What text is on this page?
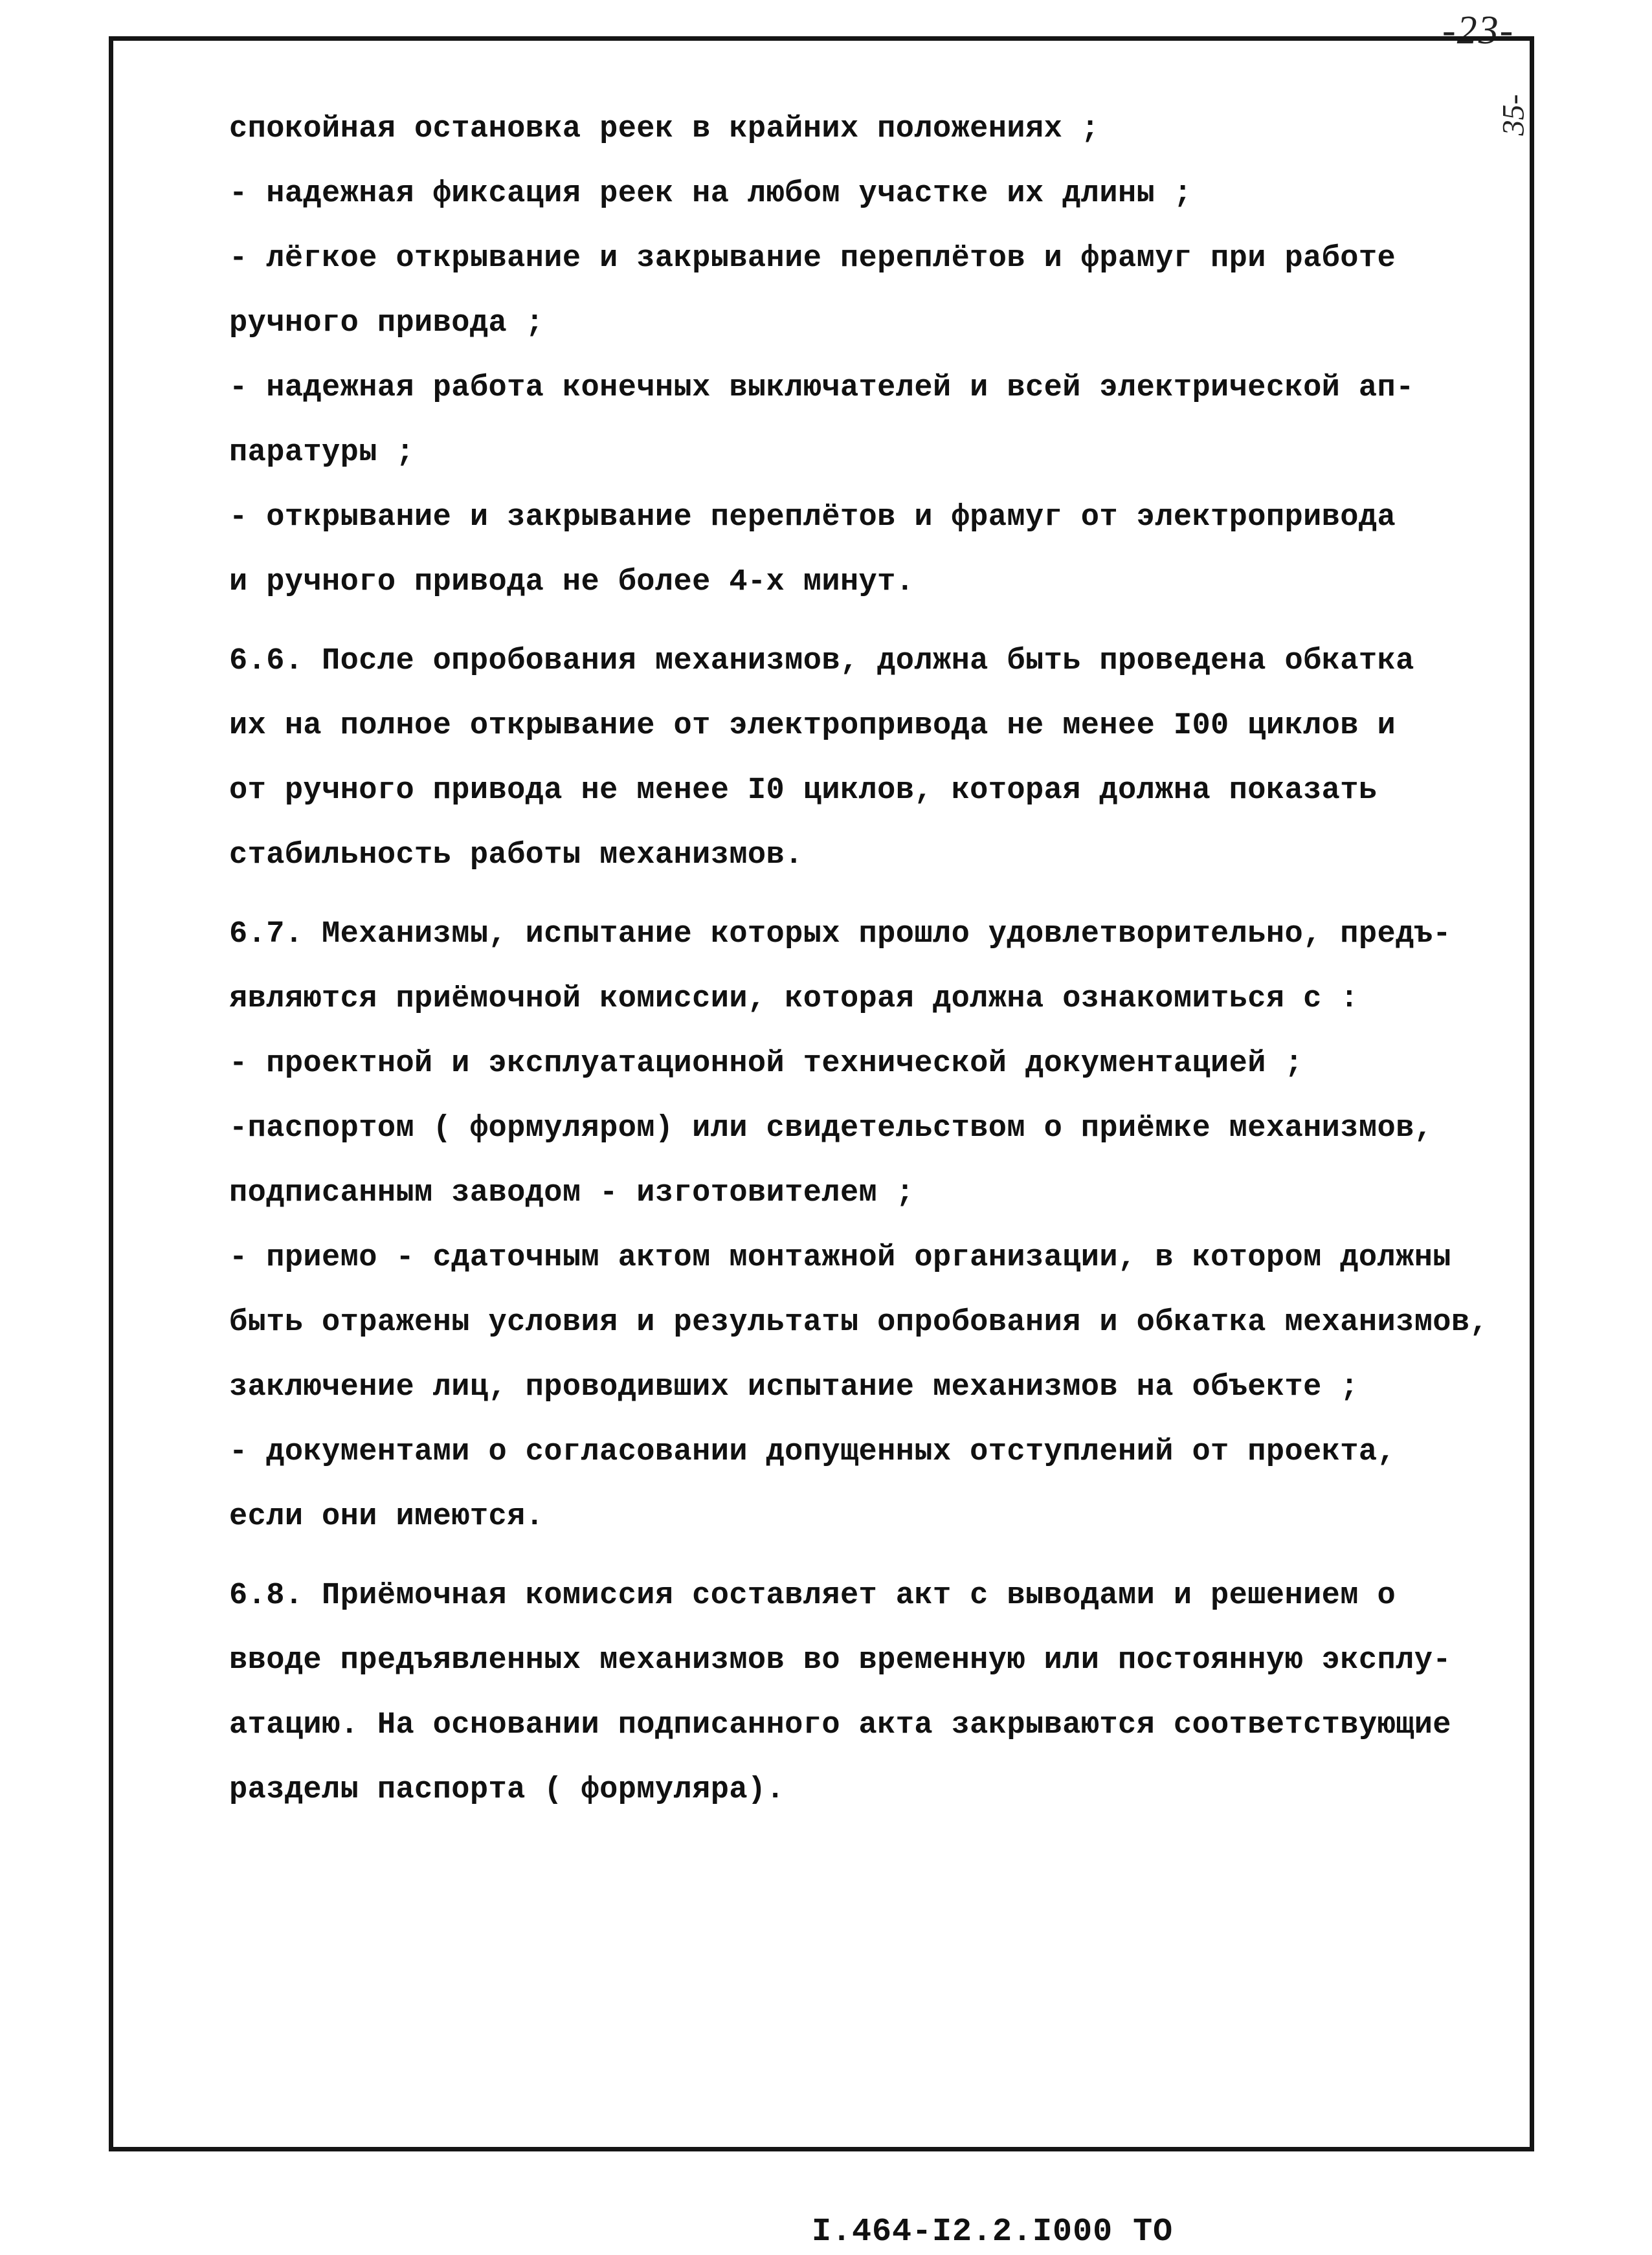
-23-
35-
спокойная остановка реек в крайних положениях ;
- надежная фиксация реек на любом участке их длины ;
- лёгкое открывание и закрывание переплётов и фрамуг при работе
ручного привода ;
- надежная работа конечных выключателей и всей электрической ап-
паратуры ;
- открывание и закрывание переплётов и фрамуг от электропривода
и ручного привода не более 4-х минут.
6.6. После опробования механизмов, должна быть проведена обкатка
их на полное открывание от электропривода не менее I00 циклов и
от ручного привода не менее I0 циклов, которая должна показать
стабильность работы механизмов.
6.7. Механизмы, испытание которых прошло удовлетворительно, предъ-
являются приёмочной комиссии, которая должна ознакомиться с :
- проектной и эксплуатационной технической документацией ;
-паспортом ( формуляром) или свидетельством о приёмке механизмов,
подписанным заводом - изготовителем ;
- приемо - сдаточным актом монтажной организации, в котором должны
быть отражены условия и результаты опробования и обкатка механизмов,
заключение лиц, проводивших испытание механизмов на объекте ;
- документами о согласовании допущенных отступлений от проекта,
если они имеются.
6.8. Приёмочная комиссия составляет акт с выводами и решением о
вводе предъявленных механизмов во временную или постоянную эксплу-
атацию. На основании подписанного акта закрываются соответствующие
разделы паспорта ( формуляра).
I.464-I2.2.I000 ТО
